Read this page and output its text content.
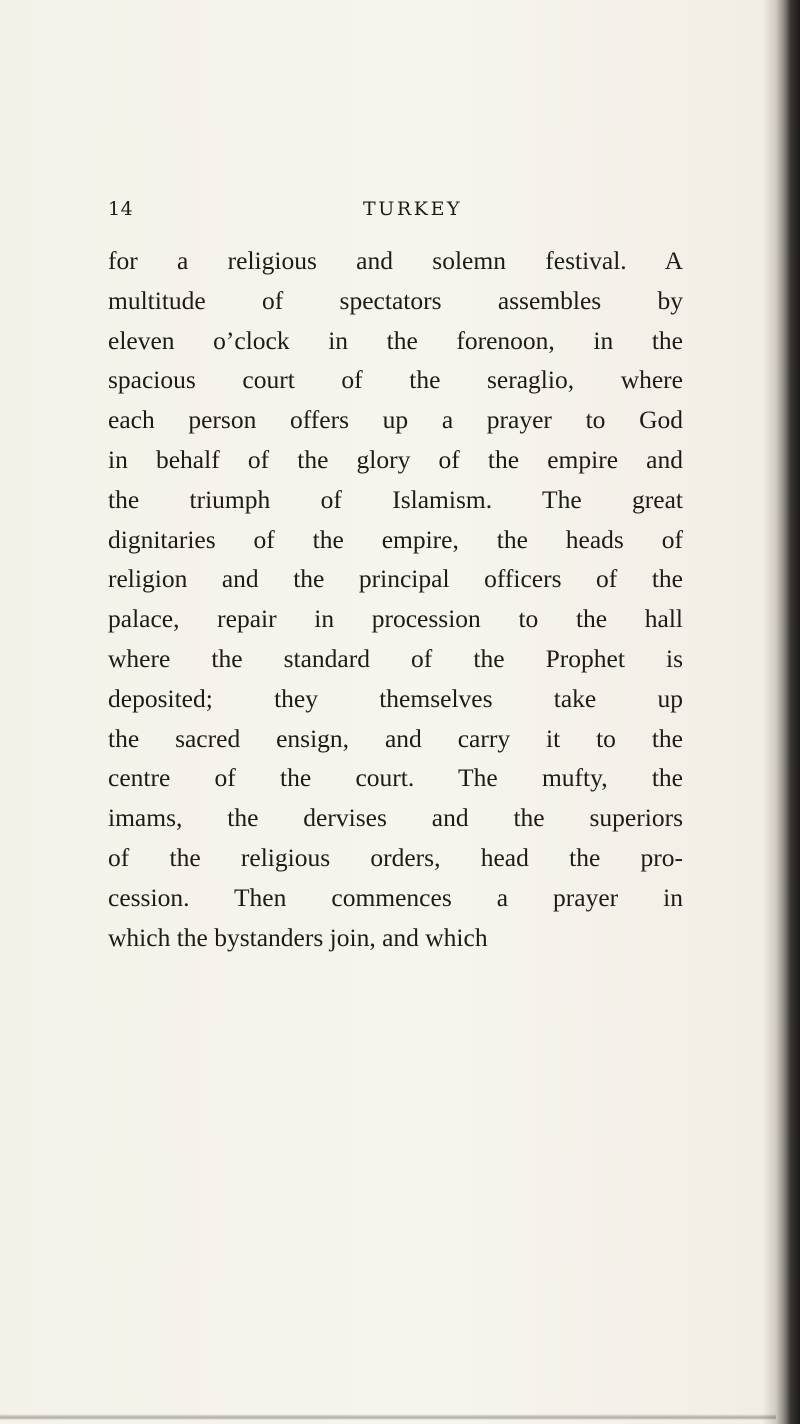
14	TURKEY

for a religious and solemn festival. A
multitude of spectators assembles by
eleven o’clock in the forenoon, in the
spacious court of the seraglio, where
each person offers up a prayer to God
in behalf of the glory of the empire and
the triumph of Islamism. The great
dignitaries of the empire, the heads of
religion and the principal officers of the
palace, repair in procession to the hall
where the standard of the Prophet is
deposited; they themselves take up
the sacred ensign, and carry it to the
centre of the court. The mufty, the
imams, the dervises and the superiors
of the religious orders, head the pro-
cession. Then commences a prayer in
which the bystanders join, and which
